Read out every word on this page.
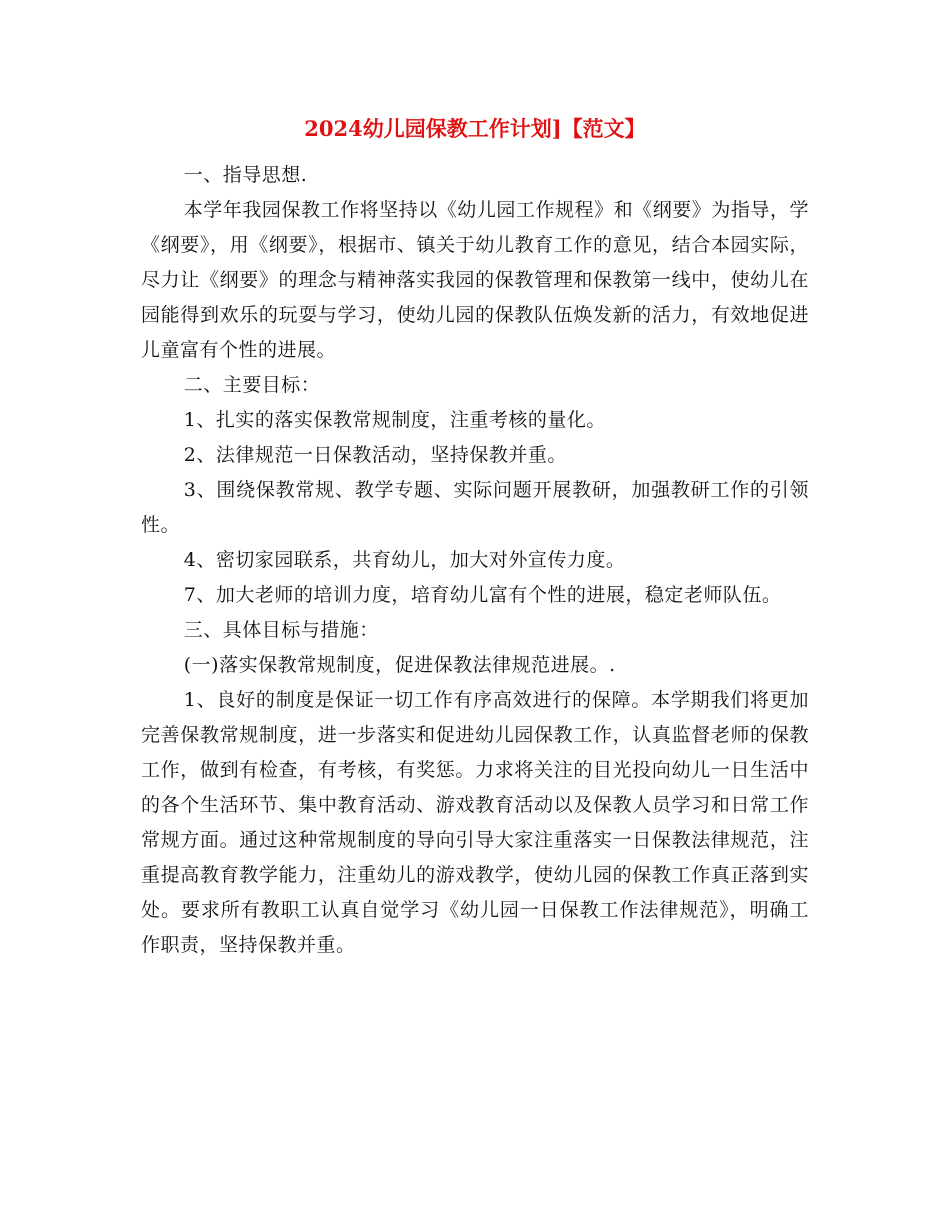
2024幼儿园保教工作计划]【范文】

一、指导思想.

本学年我园保教工作将坚持以《幼儿园工作规程》和《纲要》为指导，学《纲要》，用《纲要》，根据市、镇关于幼儿教育工作的意见，结合本园实际，尽力让《纲要》的理念与精神落实我园的保教管理和保教第一线中，使幼儿在园能得到欢乐的玩耍与学习，使幼儿园的保教队伍焕发新的活力，有效地促进儿童富有个性的进展。

二、主要目标：

1、扎实的落实保教常规制度，注重考核的量化。

2、法律规范一日保教活动，坚持保教并重。

3、围绕保教常规、教学专题、实际问题开展教研，加强教研工作的引领性。

4、密切家园联系，共育幼儿，加大对外宣传力度。

7、加大老师的培训力度，培育幼儿富有个性的进展，稳定老师队伍。

三、具体目标与措施：

(一)落实保教常规制度，促进保教法律规范进展。.

1、良好的制度是保证一切工作有序高效进行的保障。本学期我们将更加完善保教常规制度，进一步落实和促进幼儿园保教工作，认真监督老师的保教工作，做到有检查，有考核，有奖惩。力求将关注的目光投向幼儿一日生活中的各个生活环节、集中教育活动、游戏教育活动以及保教人员学习和日常工作常规方面。通过这种常规制度的导向引导大家注重落实一日保教法律规范，注重提高教育教学能力，注重幼儿的游戏教学，使幼儿园的保教工作真正落到实处。要求所有教职工认真自觉学习《幼儿园一日保教工作法律规范》，明确工作职责，坚持保教并重。
